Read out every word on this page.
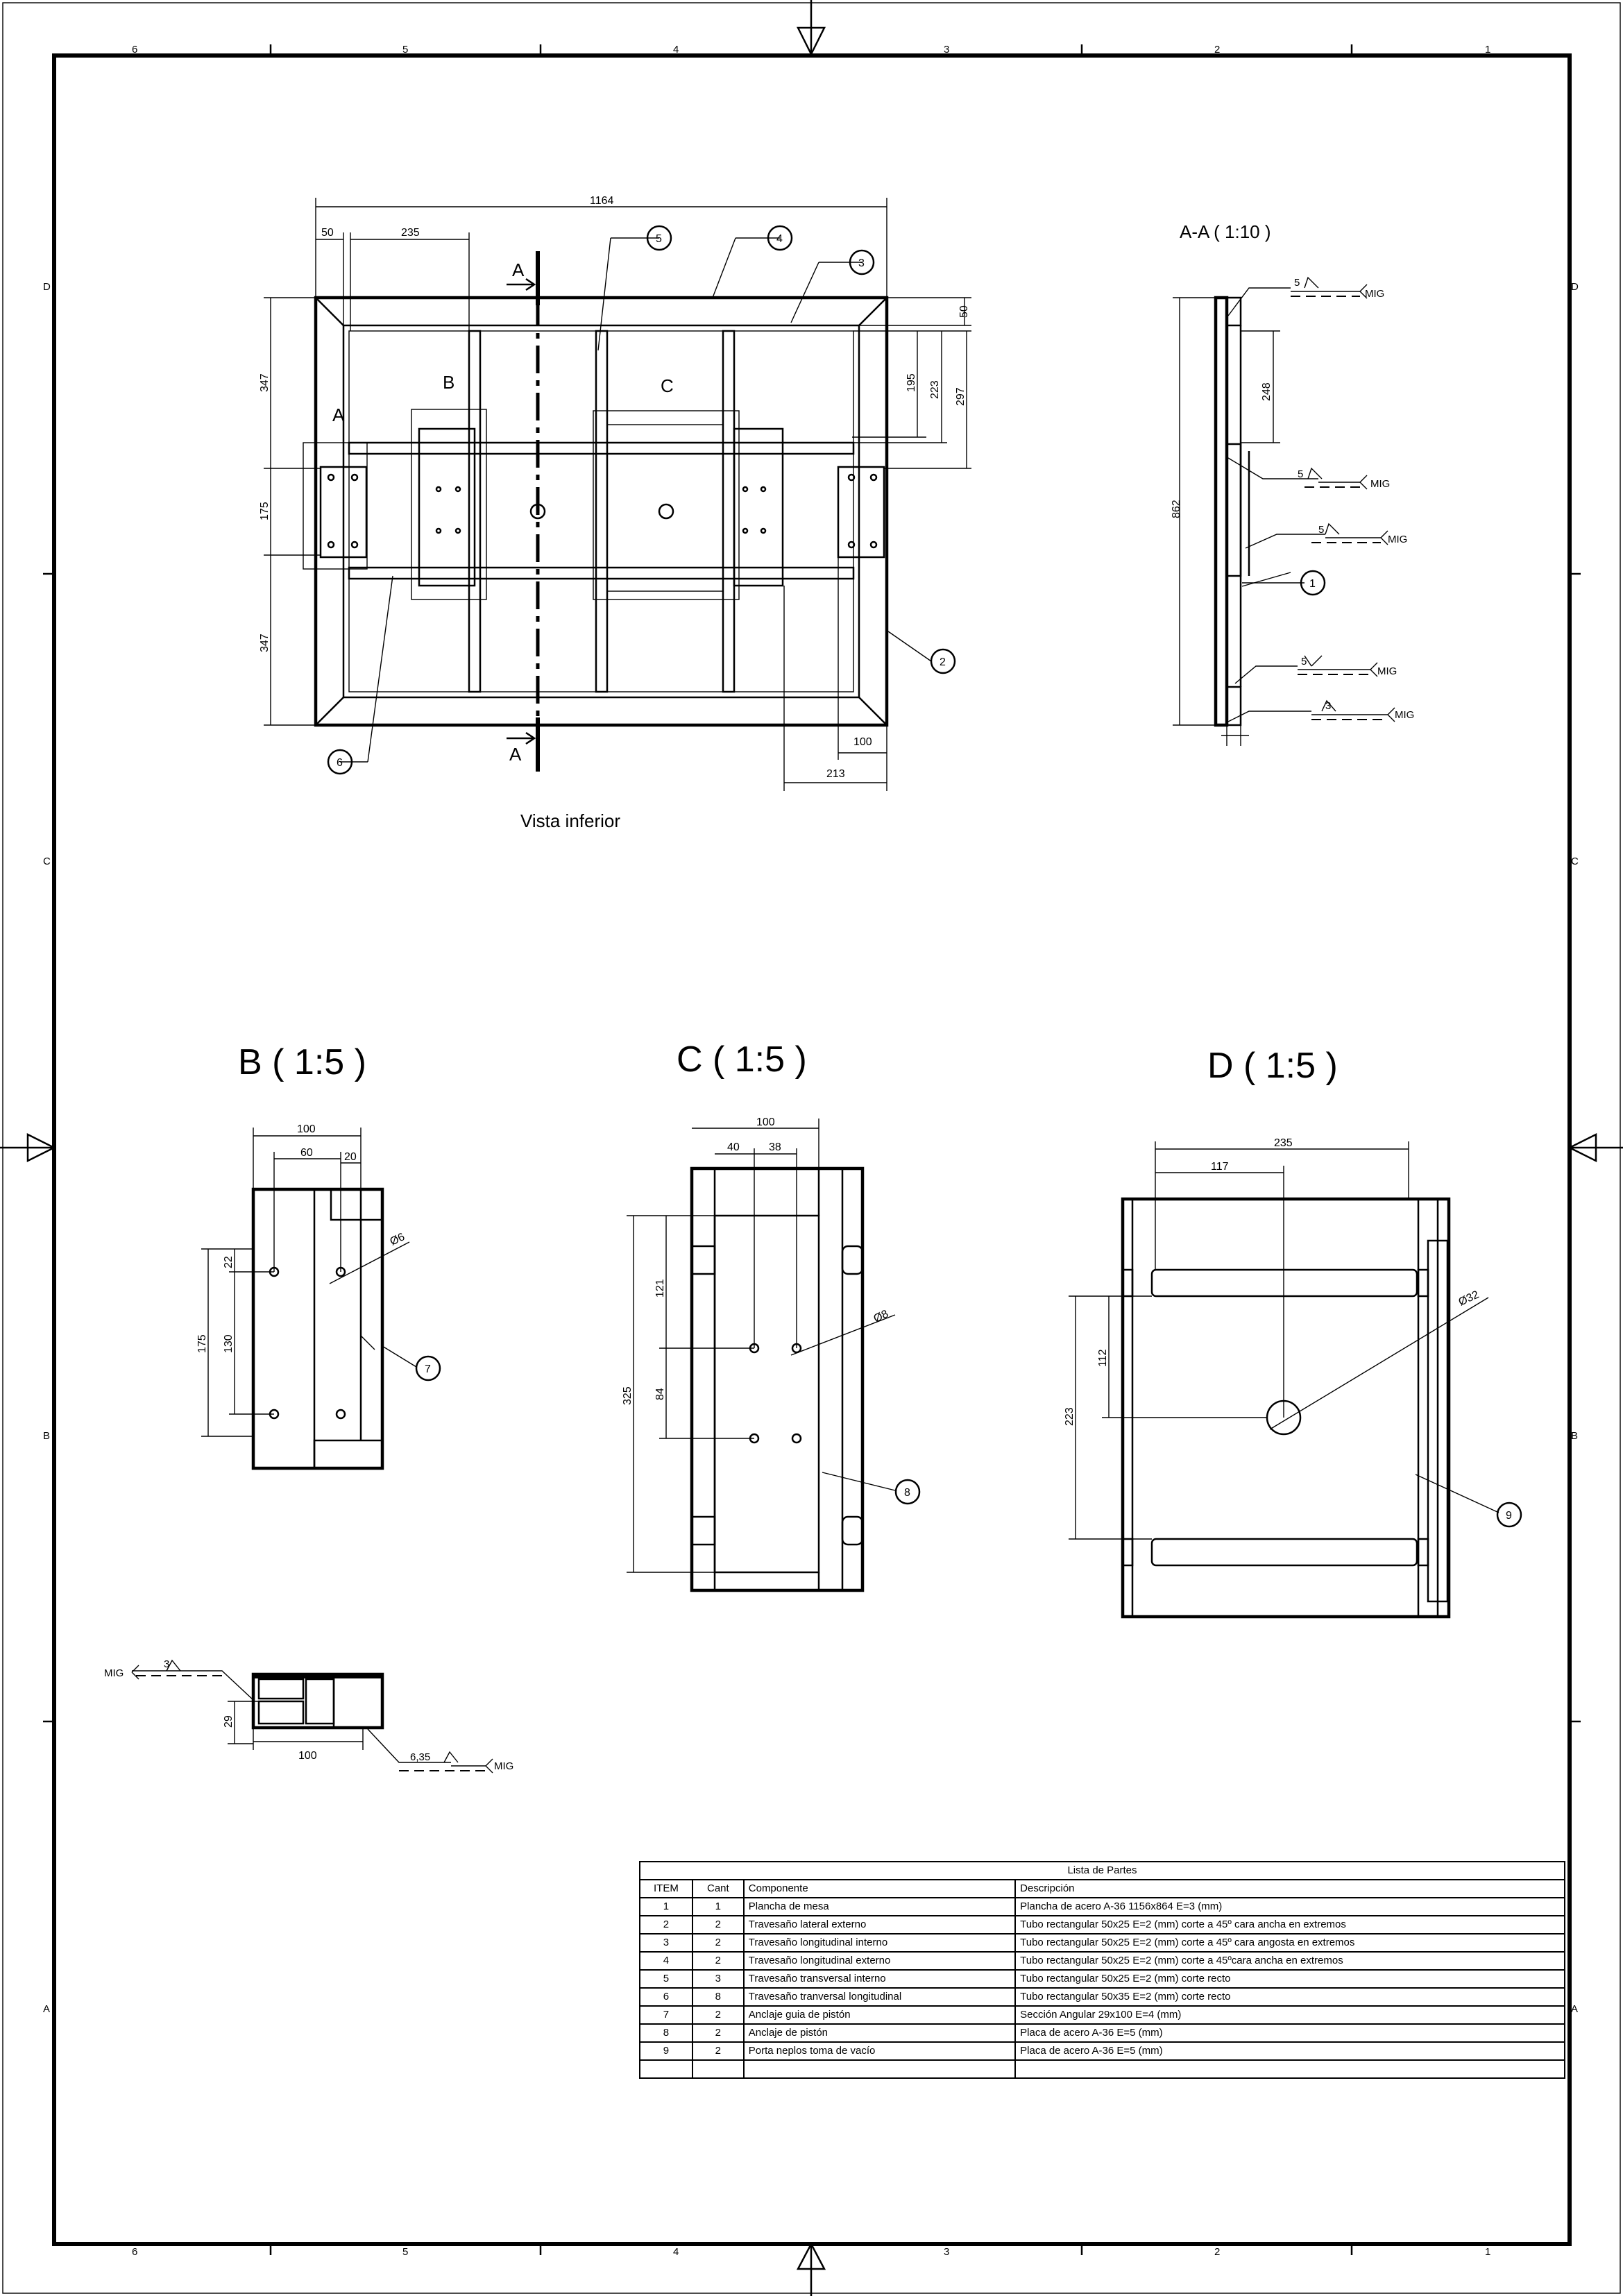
6	5	4	3	2	1
6	5	4	3	2	1
D
C
B
A
D
C
B
A
A
A
A
B	C
1164
50	235
347
175
347
50
195 223 297
100
213
5	4
3
2
6
Vista inferior
A-A ( 1:10 )
862
248
1
5
MIG
5
MIG
5
MIG
5
MIG
3
MIG
B ( 1:5 )
7
100
60	20
22
130
175
Ø6
C ( 1:5 )
8
100
40	38
121
84
325
Ø8
D ( 1:5 )
9
235
117
112
223
Ø32
29
100
3
MIG
6,35
MIG
Lista de Partes			
ITEM	Cant	Componente	Descripción
1	1	Plancha de mesa	Plancha de acero A-36 1156x864 E=3 (mm)
2	2	Travesaño lateral externo	Tubo rectangular 50x25 E=2 (mm) corte a 45º cara ancha en extremos
3	2	Travesaño longitudinal interno	Tubo rectangular 50x25 E=2 (mm) corte a 45º cara angosta en extremos
4	2	Travesaño longitudinal externo	Tubo rectangular 50x25 E=2 (mm) corte a 45ºcara ancha en extremos
5	3	Travesaño transversal interno	Tubo rectangular 50x25 E=2 (mm) corte recto
6	8	Travesaño tranversal longitudinal	Tubo rectangular 50x35 E=2 (mm) corte recto
7	2	Anclaje guia de pistón	Sección Angular 29x100 E=4 (mm)
8	2	Anclaje de pistón	Placa de acero A-36 E=5 (mm)
9	2	Porta neplos toma de vacío	Placa de acero A-36 E=5 (mm)
